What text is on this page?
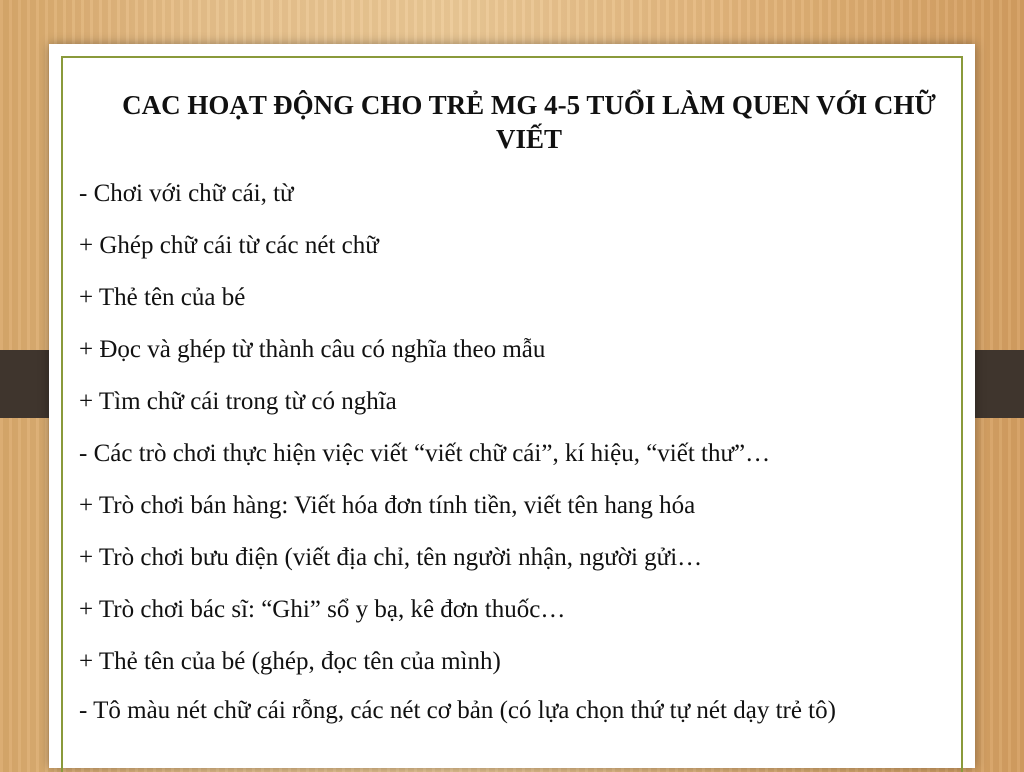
CAC HOẠT ĐỘNG CHO TRẺ MG 4-5 TUỔI LÀM QUEN VỚI CHỮ VIẾT
- Chơi với chữ cái, từ
+ Ghép chữ cái từ các nét chữ
+ Thẻ tên của bé
+ Đọc và ghép từ thành câu có nghĩa theo mẫu
+ Tìm chữ cái trong từ có nghĩa
- Các trò chơi thực hiện việc viết “viết chữ cái”, kí hiệu, “viết thư”…
+ Trò chơi bán hàng: Viết hóa đơn tính tiền, viết tên hang hóa
+ Trò chơi bưu điện (viết địa chỉ, tên người nhận, người gửi…
+ Trò chơi bác sĩ: “Ghi” sổ y bạ, kê đơn thuốc…
+ Thẻ tên của bé (ghép, đọc tên của mình)
- Tô màu nét chữ cái rỗng, các nét cơ bản (có lựa chọn thứ tự nét dạy trẻ tô)
